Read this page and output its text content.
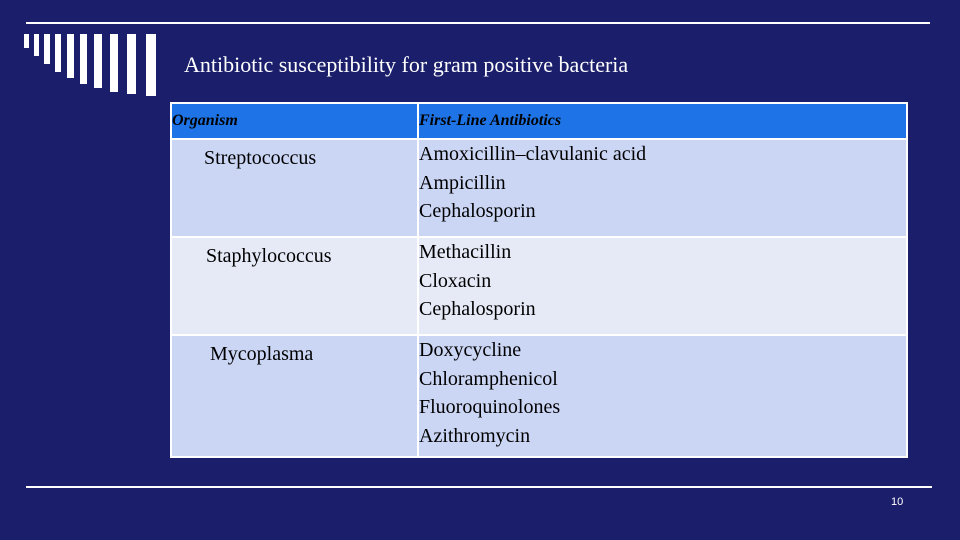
Antibiotic susceptibility for gram positive bacteria
Organism	First-Line Antibiotics

Streptococcus	Amoxicillin–clavulanic acid
Ampicillin
Cephalosporin

Staphylococcus	Methacillin
Cloxacin
Cephalosporin

Mycoplasma	Doxycycline
Chloramphenicol
Fluoroquinolones
Azithromycin
10
